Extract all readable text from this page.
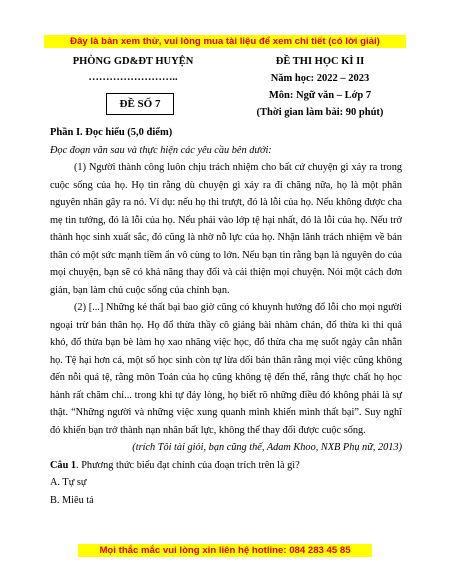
Đây là bản xem thử, vui lòng mua tài liệu để xem chi tiết (có lời giải)
PHÒNG GD&ĐT HUYỆN
……………………..
ĐỀ SỐ 7
ĐỀ THI HỌC KÌ II
Năm học: 2022 – 2023
Môn: Ngữ văn – Lớp 7
(Thời gian làm bài: 90 phút)
Phần I. Đọc hiểu (5,0 điểm)
Đọc đoạn văn sau và thực hiện các yêu cầu bên dưới:

(1) Người thành công luôn chịu trách nhiệm cho bất cứ chuyện gì xảy ra trong cuộc sống của họ. Họ tin rằng dù chuyện gì xảy ra đi chăng nữa, họ là một phân nguyên nhân gây ra nó. Ví dụ: nếu họ thi trượt, đó là lỗi của họ. Nếu không được cha mẹ tin tưởng, đó là lỗi của họ. Nếu phải vào lớp tệ hại nhất, đó là lỗi của họ. Nếu trở thành học sinh xuất sắc, đó cũng là nhờ nỗ lực của họ. Nhận lãnh trách nhiệm về bản thân có một sức mạnh tiềm ẩn vô cùng to lớn. Nếu bạn tin rằng bạn là nguyên do của mọi chuyện, bạn sẽ có khả năng thay đổi và cải thiện mọi chuyện. Nói một cách đơn giản, bạn làm chủ cuộc sống của chính bạn.

(2) [...] Những kẻ thất bại bao giờ cũng có khuynh hướng đổ lỗi cho mọi người ngoại trừ bản thân họ. Họ đổ thừa thầy cô giảng bài nhàm chán, đổ thừa kì thi quá khó, đổ thừa bạn bè làm họ xao nhãng việc học, đổ thừa cha mẹ suốt ngày cằn nhằn họ. Tệ hại hơn cả, một số học sinh còn tự lừa dối bản thân rằng mọi việc cũng không đến nỗi quá tệ, rằng môn Toán của họ cũng không tệ đến thế, rằng thực chất họ học hành rất chăm chỉ... trong khi tự đáy lòng, họ biết rõ những điều đó không phải là sự thật. “Những người và những việc xung quanh mình khiến mình thất bại”. Suy nghĩ đó khiến bạn trở thành nạn nhân bất lực, không thể thay đổi được cuộc sống.

(trích Tôi tài giỏi, bạn cũng thế, Adam Khoo, NXB Phụ nữ, 2013)
Câu 1. Phương thức biểu đạt chính của đoạn trích trên là gì?
A. Tự sự
B. Miêu tả
Mọi thắc mắc vui lòng xin liên hệ hotline: 084 283 45 85
